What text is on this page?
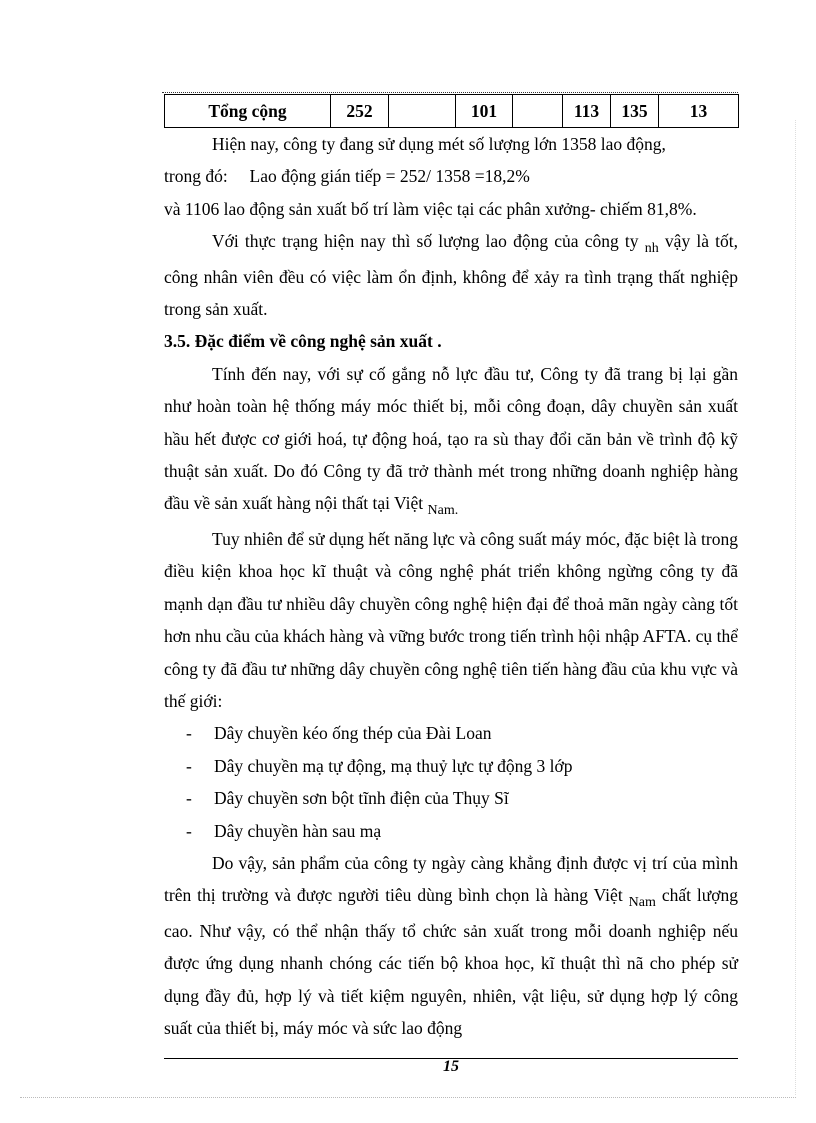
Tổng cộng	252		101		113	135	13

Hiện nay, công ty đang sử dụng mét số lượng lớn 1358 lao động,

trong đó:     Lao động gián tiếp = 252/ 1358 =18,2%

và 1106 lao động sản xuất bố trí làm việc tại các phân xưởng- chiếm 81,8%.

Với thực trạng hiện nay thì số lượng lao động của công ty $_{nh}$ vậy là tốt, công nhân viên đều có việc làm ổn định, không để xảy ra tình trạng thất nghiệp trong sản xuất.

3.5. Đặc điểm về công nghệ sản xuất .

Tính đến nay, với sự cố gắng nỗ lực đầu tư, Công ty đã trang bị lại gần như hoàn toàn hệ thống máy móc thiết bị, mỗi công đoạn, dây chuyền sản xuất hầu hết được cơ giới hoá, tự động hoá, tạo ra sù thay đổi căn bản về trình độ kỹ thuật sản xuất. Do đó Công ty đã trở thành mét trong những doanh nghiệp hàng đầu về sản xuất hàng nội thất tại Việt $_{Nam.}$

Tuy nhiên để sử dụng hết năng lực và công suất máy móc, đặc biệt là trong điều kiện khoa học kĩ thuật và công nghệ phát triển không ngừng công ty đã mạnh dạn đầu tư nhiều dây chuyền công nghệ hiện đại để thoả mãn ngày càng tốt hơn nhu cầu của khách hàng và vững bước trong tiến trình hội nhập AFTA. cụ thể công ty đã đầu tư những dây chuyền công nghệ tiên tiến hàng đầu của khu vực và thế giới:

-	Dây chuyền kéo ống thép của Đài Loan

-	Dây chuyền mạ tự động, mạ thuỷ lực tự động 3 lớp

-	Dây chuyền sơn bột tĩnh điện của Thụy Sĩ

-	Dây chuyền hàn sau mạ

Do vậy, sản phẩm của công ty ngày càng khẳng định được vị trí của mình trên thị trường và được người tiêu dùng bình chọn là hàng Việt $_{Nam}$ chất lượng cao. Như vậy, có thể nhận thấy tổ chức sản xuất trong mỗi doanh nghiệp nếu được ứng dụng nhanh chóng các tiến bộ khoa học, kĩ thuật thì nã cho phép sử dụng đầy đủ, hợp lý và tiết kiệm nguyên, nhiên, vật liệu, sử dụng hợp lý công suất của thiết bị, máy móc và sức lao động

15
